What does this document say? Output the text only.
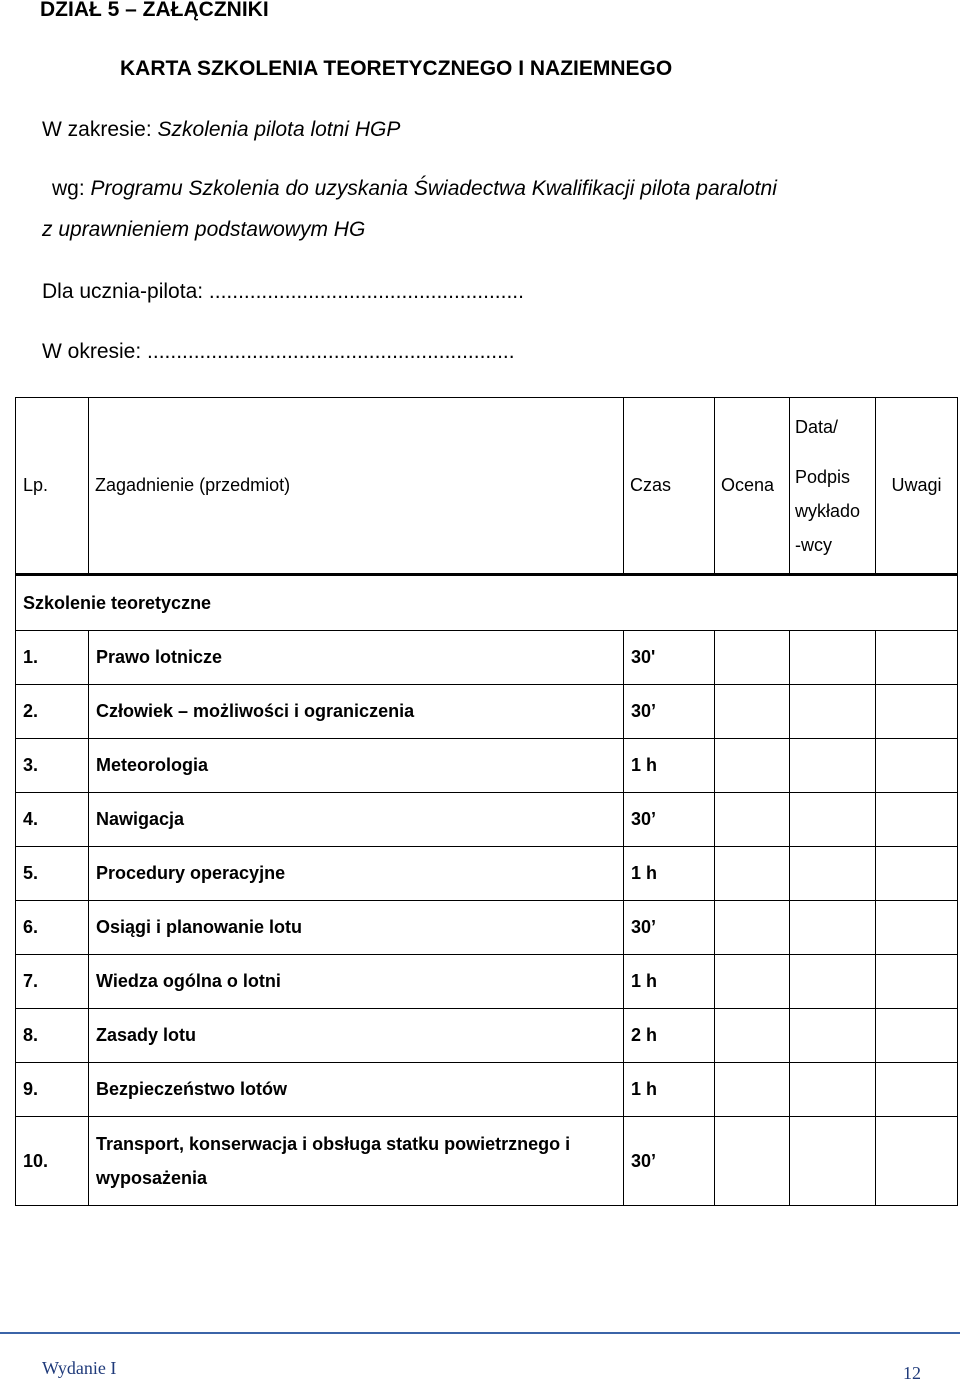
DZIAŁ 5 – ZAŁĄCZNIKI
KARTA SZKOLENIA TEORETYCZNEGO I NAZIEMNEGO
W zakresie: Szkolenia pilota lotni HGP
wg: Programu Szkolenia do uzyskania Świadectwa Kwalifikacji pilota paralotni
z uprawnieniem podstawowym HG
Dla ucznia-pilota: ......................................................
W okresie: ...............................................................
Lp.	Zagadnienie (przedmiot)	Czas	Ocena	Data/
Podpis
wykłado
-wcy	Uwagi
Szkolenie teoretyczne					
1.	Prawo lotnicze	30'			
2.	Człowiek – możliwości i ograniczenia	30’			
3.	Meteorologia	1 h			
4.	Nawigacja	30’			
5.	Procedury operacyjne	1 h			
6.	Osiągi i planowanie lotu	30’			
7.	Wiedza ogólna o lotni	1 h			
8.	Zasady lotu	2 h			
9.	Bezpieczeństwo lotów	1 h			
10.	Transport, konserwacja i obsługa statku powietrznego i
wyposażenia	30’			
Wydanie I	12
